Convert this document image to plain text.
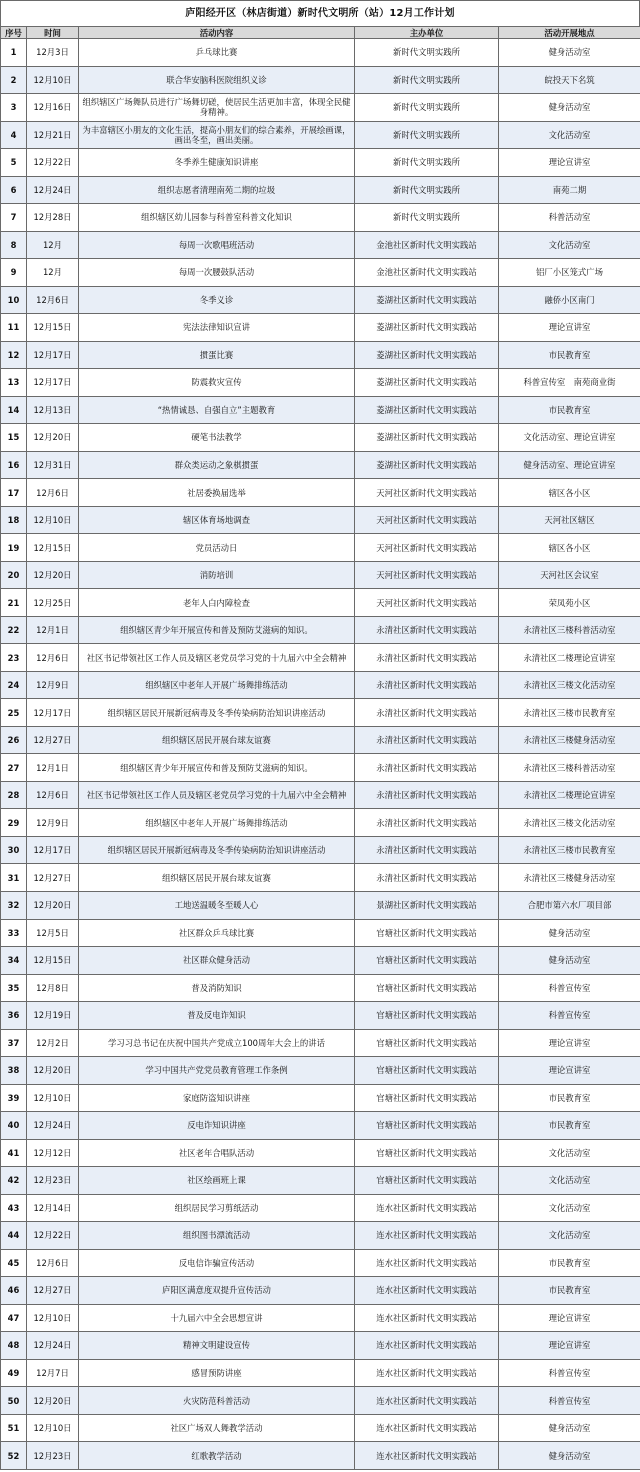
庐阳经开区（林店街道）新时代文明所（站）12月工作计划
序号	时间	活动内容	主办单位	活动开展地点
1	12月3日	乒乓球比赛	新时代文明实践所	健身活动室
2	12月10日	联合华安脑科医院组织义诊	新时代文明实践所	皖投天下名筑
3	12月16日	组织辖区广场舞队员进行广场舞切磋，使居民生活更加丰富，体现全民健身精神。	新时代文明实践所	健身活动室
4	12月21日	为丰富辖区小朋友的文化生活，提高小朋友们的综合素养，开展绘画课，画出冬至，画出美丽。	新时代文明实践所	文化活动室
5	12月22日	冬季养生健康知识讲座	新时代文明实践所	理论宣讲室
6	12月24日	组织志愿者清理南苑二期的垃圾	新时代文明实践所	南苑二期
7	12月28日	组织辖区幼儿园参与科普室科普文化知识	新时代文明实践所	科普活动室
8	12月	每周一次歌唱班活动	金池社区新时代文明实践站	文化活动室
9	12月	每周一次腰鼓队活动	金池社区新时代文明实践站	铝厂小区笼式广场
10	12月6日	冬季义诊	菱湖社区新时代文明实践站	融侨小区南门
11	12月15日	宪法法律知识宣讲	菱湖社区新时代文明实践站	理论宣讲室
12	12月17日	掼蛋比赛	菱湖社区新时代文明实践站	市民教育室
13	12月17日	防震救灾宣传	菱湖社区新时代文明实践站	科普宣传室　南苑商业街
14	12月13日	“热情诚恳、自强自立”主题教育	菱湖社区新时代文明实践站	市民教育室
15	12月20日	硬笔书法教学	菱湖社区新时代文明实践站	文化活动室、理论宣讲室
16	12月31日	群众类运动之象棋掼蛋	菱湖社区新时代文明实践站	健身活动室、理论宣讲室
17	12月6日	社居委换届选举	天河社区新时代文明实践站	辖区各小区
18	12月10日	辖区体育场地调查	天河社区新时代文明实践站	天河社区辖区
19	12月15日	党员活动日	天河社区新时代文明实践站	辖区各小区
20	12月20日	消防培训	天河社区新时代文明实践站	天河社区会议室
21	12月25日	老年人白内障检查	天河社区新时代文明实践站	荣凤苑小区
22	12月1日	组织辖区青少年开展宣传和普及预防艾滋病的知识。	永清社区新时代文明实践站	永清社区三楼科普活动室
23	12月6日	社区书记带领社区工作人员及辖区老党员学习党的十九届六中全会精神	永清社区新时代文明实践站	永清社区二楼理论宣讲室
24	12月9日	组织辖区中老年人开展广场舞排练活动	永清社区新时代文明实践站	永清社区三楼文化活动室
25	12月17日	组织辖区居民开展新冠病毒及冬季传染病防治知识讲座活动	永清社区新时代文明实践站	永清社区三楼市民教育室
26	12月27日	组织辖区居民开展台球友谊赛	永清社区新时代文明实践站	永清社区三楼健身活动室
27	12月1日	组织辖区青少年开展宣传和普及预防艾滋病的知识。	永清社区新时代文明实践站	永清社区三楼科普活动室
28	12月6日	社区书记带领社区工作人员及辖区老党员学习党的十九届六中全会精神	永清社区新时代文明实践站	永清社区二楼理论宣讲室
29	12月9日	组织辖区中老年人开展广场舞排练活动	永清社区新时代文明实践站	永清社区三楼文化活动室
30	12月17日	组织辖区居民开展新冠病毒及冬季传染病防治知识讲座活动	永清社区新时代文明实践站	永清社区三楼市民教育室
31	12月27日	组织辖区居民开展台球友谊赛	永清社区新时代文明实践站	永清社区三楼健身活动室
32	12月20日	工地送温暖冬至暖人心	景湖社区新时代文明实践站	合肥市第六水厂项目部
33	12月5日	社区群众乒乓球比赛	官塘社区新时代文明实践站	健身活动室
34	12月15日	社区群众健身活动	官塘社区新时代文明实践站	健身活动室
35	12月8日	普及消防知识	官塘社区新时代文明实践站	科普宣传室
36	12月19日	普及反电诈知识	官塘社区新时代文明实践站	科普宣传室
37	12月2日	学习习总书记在庆祝中国共产党成立100周年大会上的讲话	官塘社区新时代文明实践站	理论宣讲室
38	12月20日	学习中国共产党党员教育管理工作条例	官塘社区新时代文明实践站	理论宣讲室
39	12月10日	家庭防盗知识讲座	官塘社区新时代文明实践站	市民教育室
40	12月24日	反电诈知识讲座	官塘社区新时代文明实践站	市民教育室
41	12月12日	社区老年合唱队活动	官塘社区新时代文明实践站	文化活动室
42	12月23日	社区绘画班上课	官塘社区新时代文明实践站	文化活动室
43	12月14日	组织居民学习剪纸活动	连水社区新时代文明实践站	文化活动室
44	12月22日	组织图书漂流活动	连水社区新时代文明实践站	文化活动室
45	12月6日	反电信诈骗宣传活动	连水社区新时代文明实践站	市民教育室
46	12月27日	庐阳区满意度双提升宣传活动	连水社区新时代文明实践站	市民教育室
47	12月10日	十九届六中全会思想宣讲	连水社区新时代文明实践站	理论宣讲室
48	12月24日	精神文明建设宣传	连水社区新时代文明实践站	理论宣讲室
49	12月7日	感冒预防讲座	连水社区新时代文明实践站	科普宣传室
50	12月20日	火灾防范科普活动	连水社区新时代文明实践站	科普宣传室
51	12月10日	社区广场双人舞教学活动	连水社区新时代文明实践站	健身活动室
52	12月23日	红歌教学活动	连水社区新时代文明实践站	健身活动室
